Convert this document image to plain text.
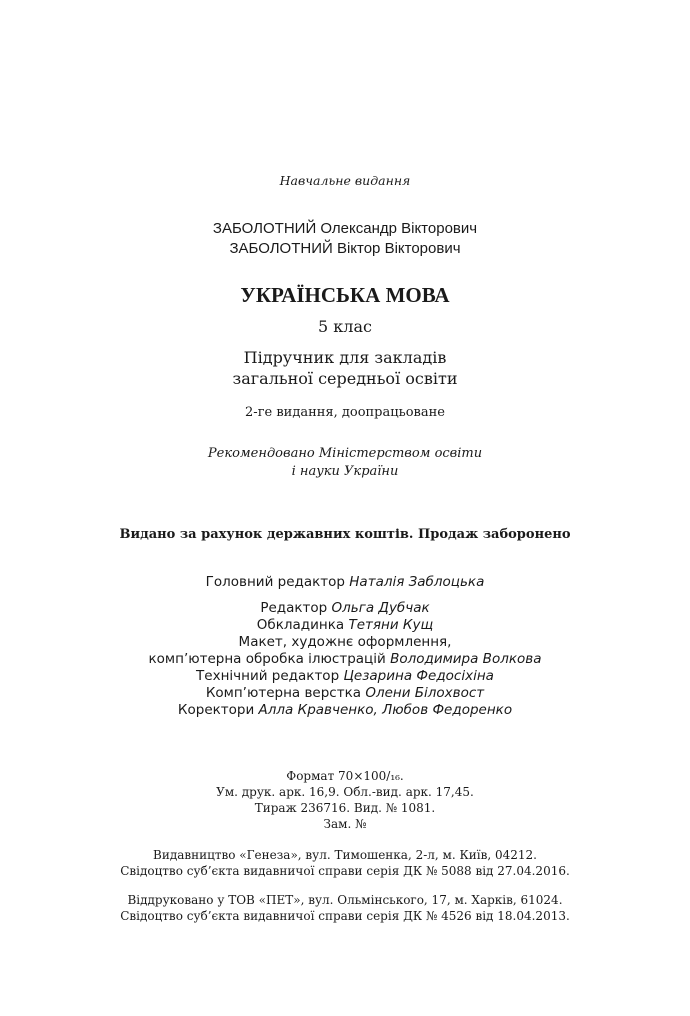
Навчальне видання
ЗАБОЛОТНИЙ Олександр Вікторович
ЗАБОЛОТНИЙ Віктор Вікторович
УКРАЇНСЬКА МОВА
5 клас
Підручник для закладів
загальної середньої освіти
2-ге видання, доопрацьоване
Рекомендовано Міністерством освіти
і науки України
Видано за рахунок державних коштів. Продаж заборонено
Головний редактор Наталія Заблоцька
Редактор Ольга Дубчак
Обкладинка Тетяни Кущ
Макет, художнє оформлення,
комп’ютерна обробка ілюстрацій Володимира Волкова
Технічний редактор Цезарина Федосіхіна
Комп’ютерна верстка Олени Білохвост
Коректори Алла Кравченко, Любов Федоренко
Формат 70×100/₁₆.
Ум. друк. арк. 16,9. Обл.-вид. арк. 17,45.
Тираж 236716. Вид. № 1081.
Зам. №
Видавництво «Генеза», вул. Тимошенка, 2-л, м. Київ, 04212.
Свідоцтво суб’єкта видавничої справи серія ДК № 5088 від 27.04.2016.
Віддруковано у ТОВ «ПЕТ», вул. Ольмінського, 17, м. Харків, 61024.
Свідоцтво суб’єкта видавничої справи серія ДК № 4526 від 18.04.2013.
